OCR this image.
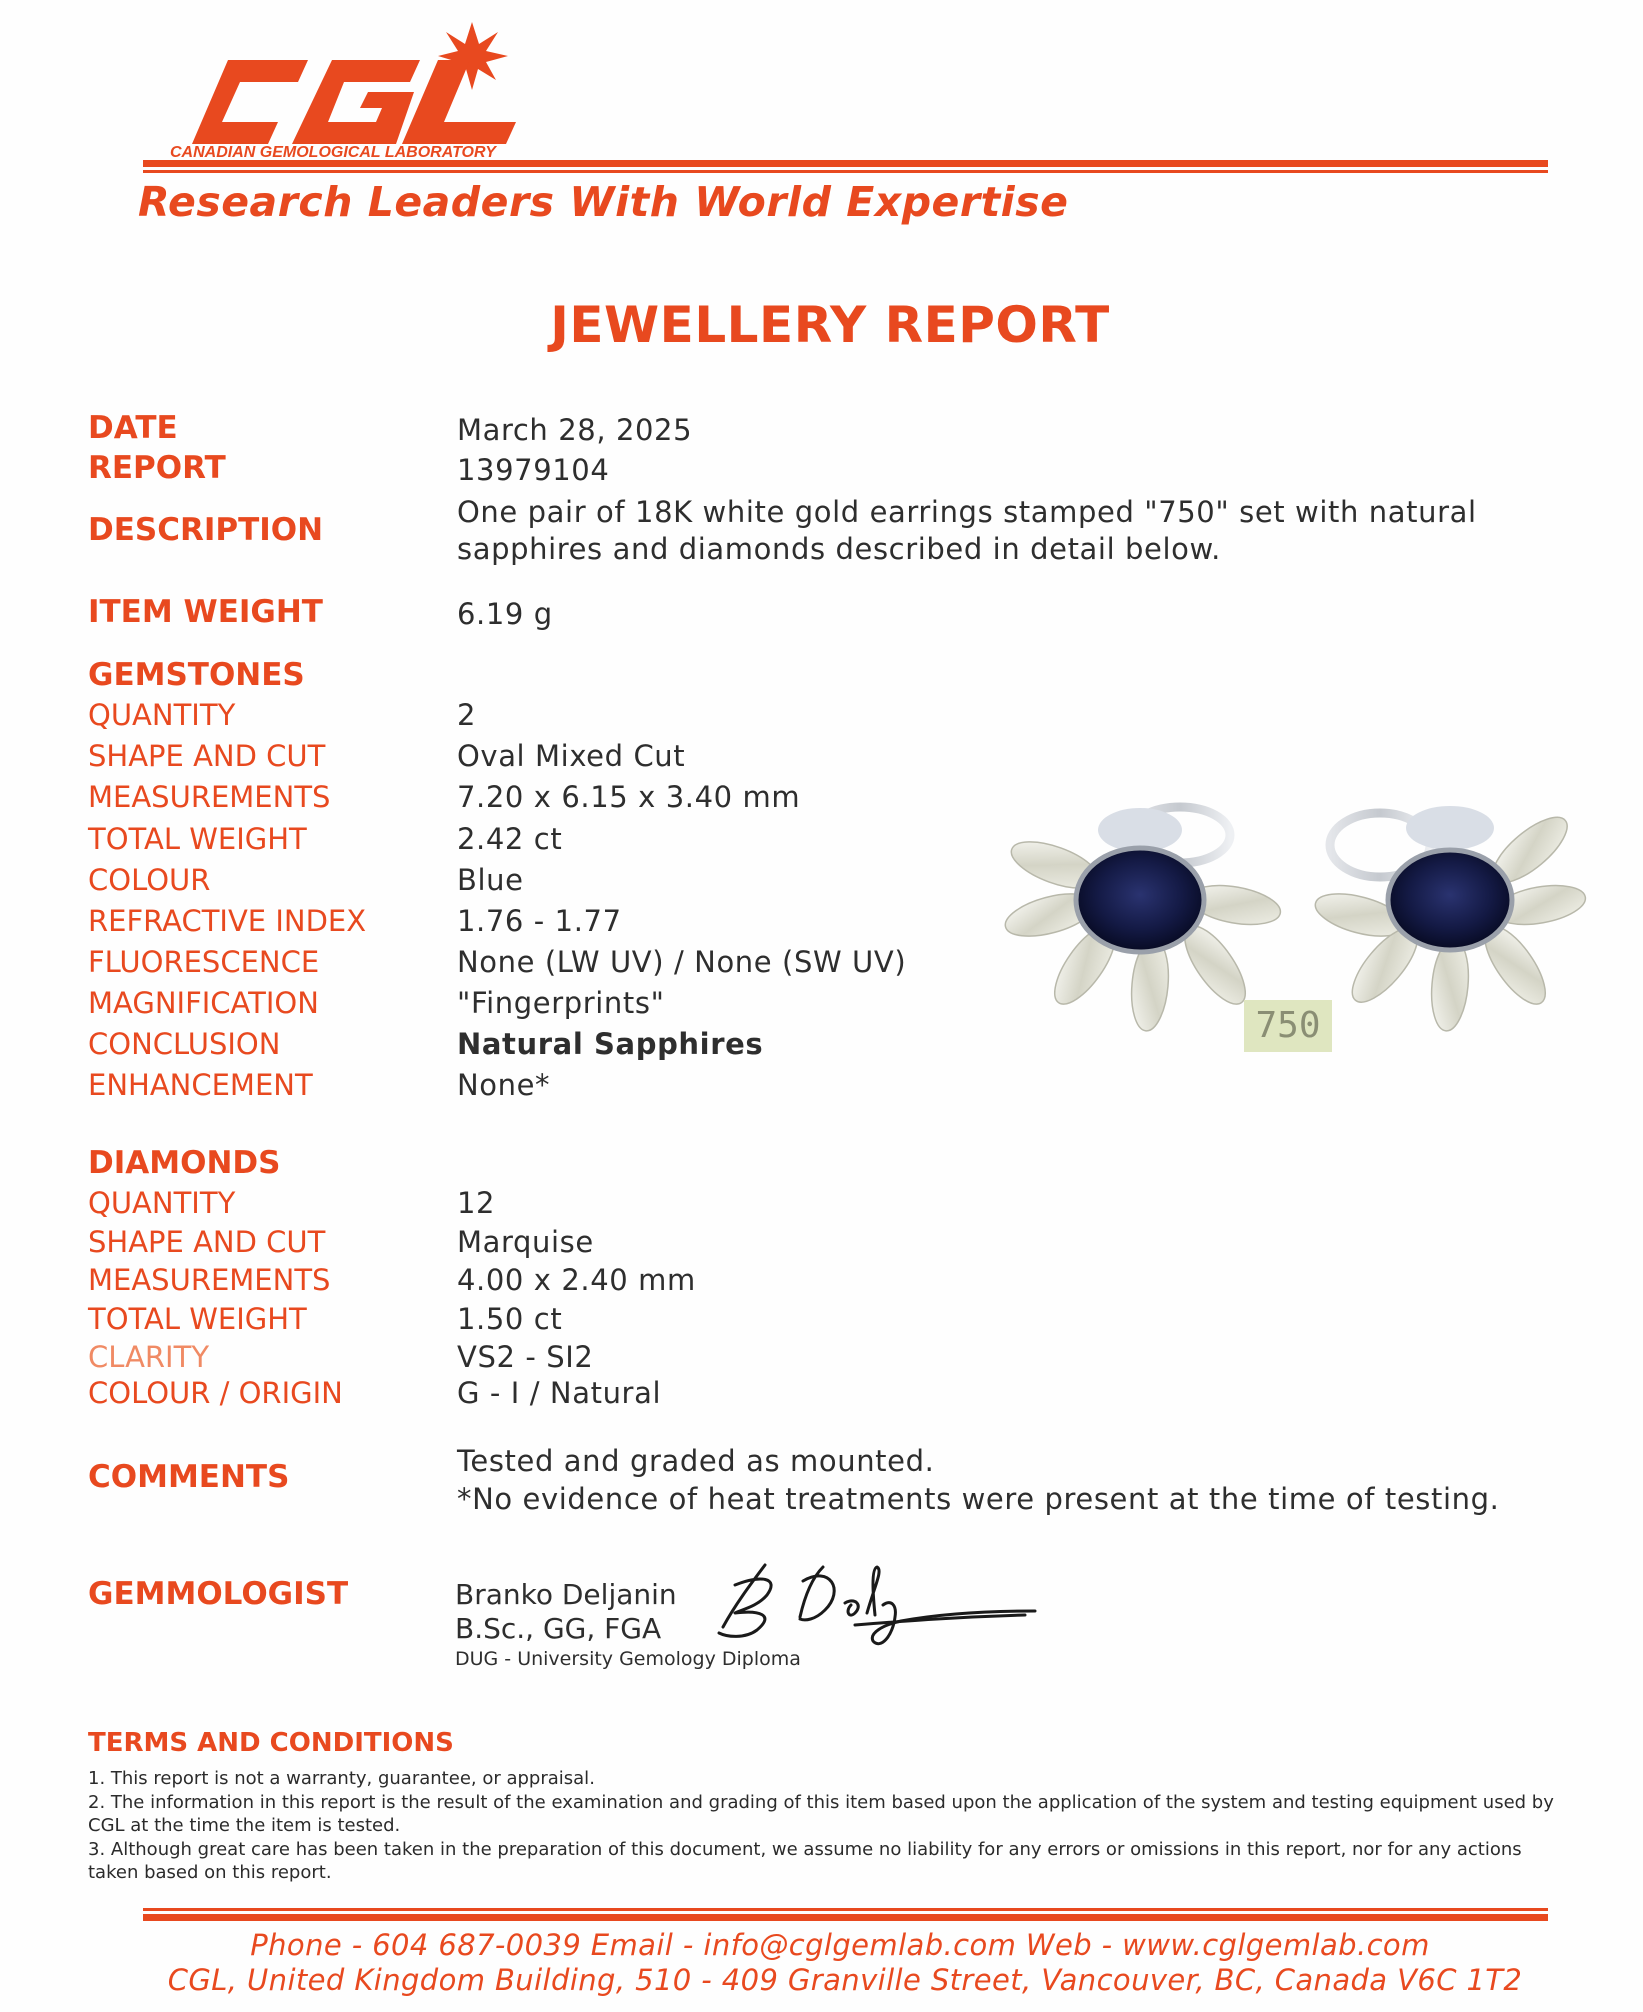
CANADIAN GEMOLOGICAL LABORATORY
Research Leaders With World Expertise
JEWELLERY REPORT
DATE	March 28, 2025
REPORT	13979104
DESCRIPTION	One pair of 18K white gold earrings stamped "750" set with natural sapphires and diamonds described in detail below.
ITEM WEIGHT	6.19 g
GEMSTONES
QUANTITY	2
SHAPE AND CUT	Oval Mixed Cut
MEASUREMENTS	7.20 x 6.15 x 3.40 mm
TOTAL WEIGHT	2.42 ct
COLOUR	Blue
REFRACTIVE INDEX	1.76 - 1.77
FLUORESCENCE	None (LW UV) / None (SW UV)
MAGNIFICATION	"Fingerprints"
CONCLUSION	Natural Sapphires
ENHANCEMENT	None*
750
DIAMONDS
QUANTITY	12
SHAPE AND CUT	Marquise
MEASUREMENTS	4.00 x 2.40 mm
TOTAL WEIGHT	1.50 ct
CLARITY	VS2 - SI2
COLOUR / ORIGIN	G - I / Natural
COMMENTS	Tested and graded as mounted.
*No evidence of heat treatments were present at the time of testing.
GEMMOLOGIST	Branko Deljanin
B.Sc., GG, FGA
DUG - University Gemology Diploma
TERMS AND CONDITIONS
1. This report is not a warranty, guarantee, or appraisal.
2. The information in this report is the result of the examination and grading of this item based upon the application of the system and testing equipment used by CGL at the time the item is tested.
3. Although great care has been taken in the preparation of this document, we assume no liability for any errors or omissions in this report, nor for any actions taken based on this report.
Phone - 604 687-0039 Email - info@cglgemlab.com Web - www.cglgemlab.com
CGL, United Kingdom Building, 510 - 409 Granville Street, Vancouver, BC, Canada V6C 1T2
